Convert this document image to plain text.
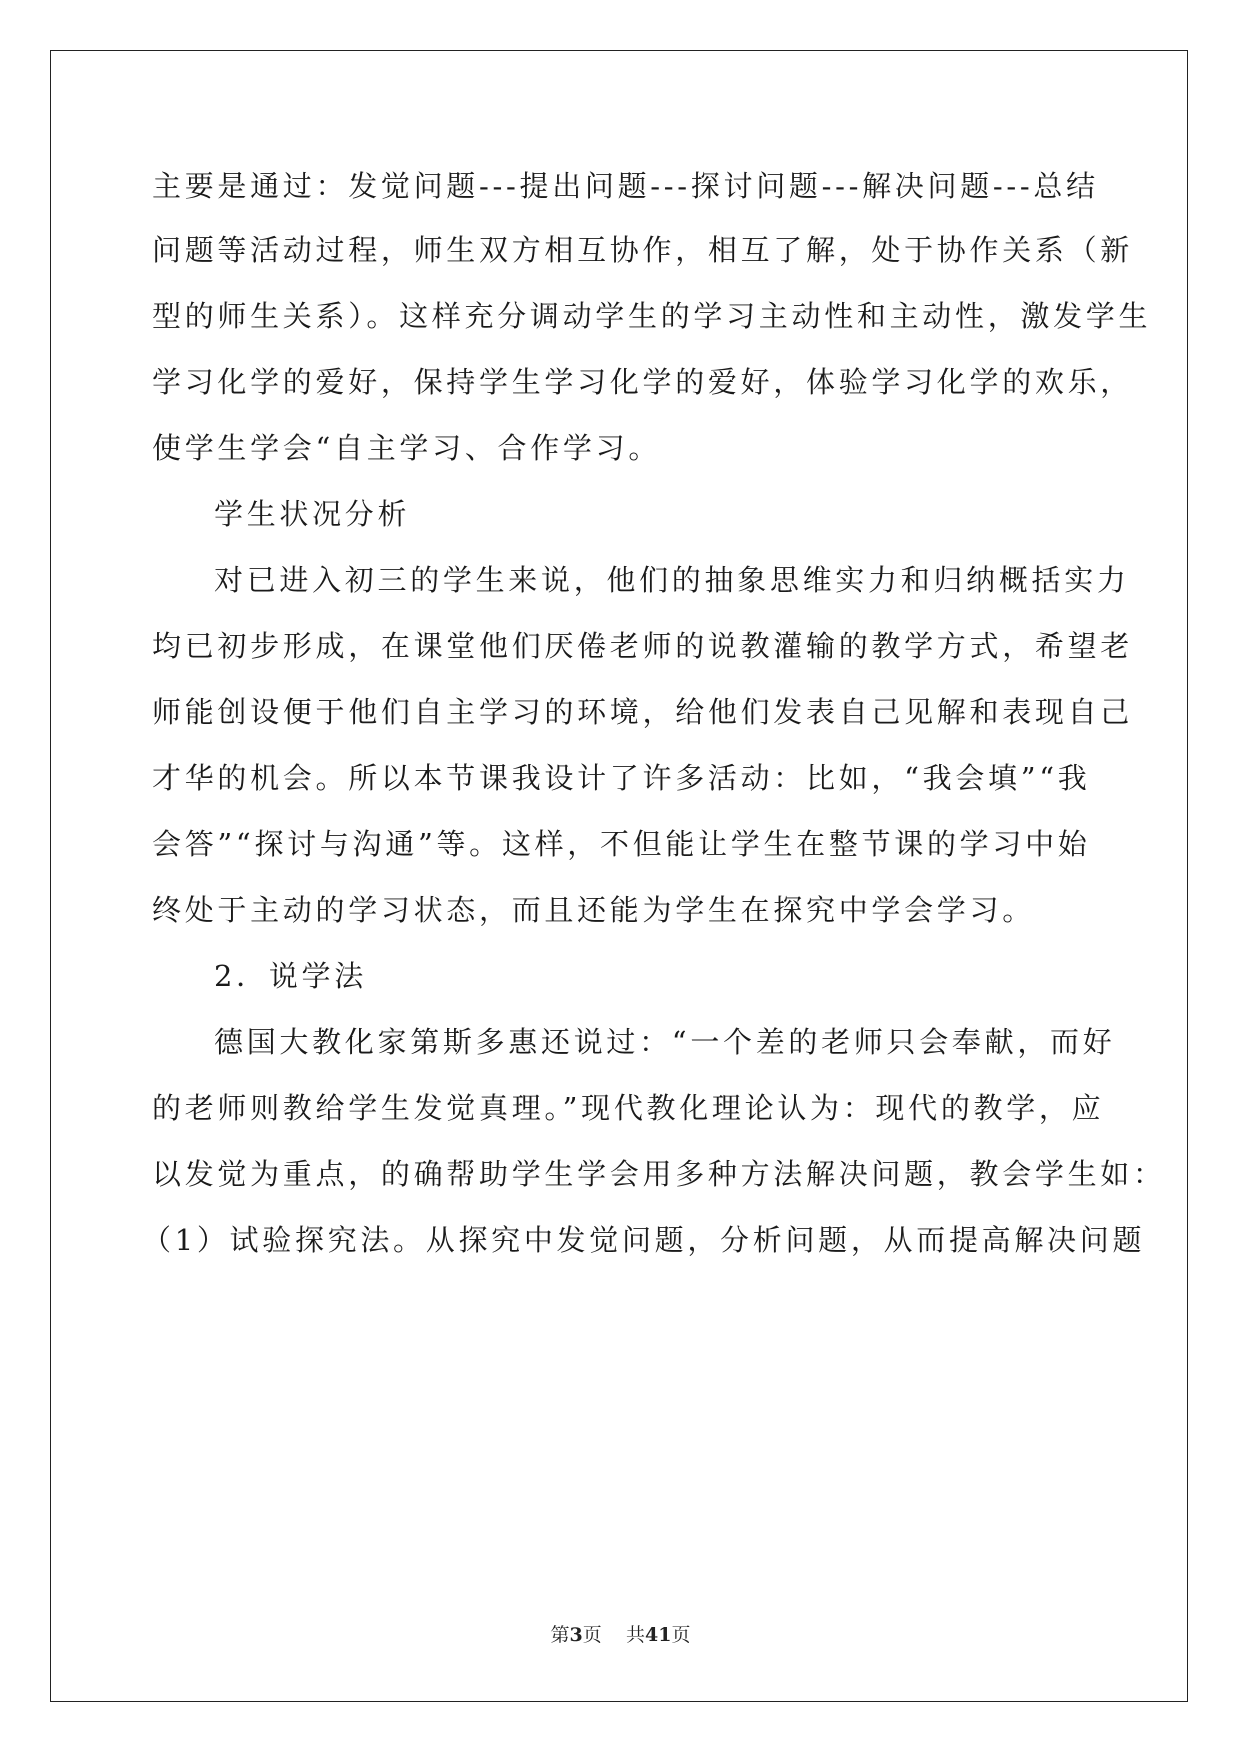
主要是通过：发觉问题---提出问题---探讨问题---解决问题---总结
问题等活动过程，师生双方相互协作，相互了解，处于协作关系（新
型的师生关系）。这样充分调动学生的学习主动性和主动性，激发学生
学习化学的爱好，保持学生学习化学的爱好，体验学习化学的欢乐，
使学生学会“自主学习、合作学习。
学生状况分析
对已进入初三的学生来说，他们的抽象思维实力和归纳概括实力
均已初步形成，在课堂他们厌倦老师的说教灌输的教学方式，希望老
师能创设便于他们自主学习的环境，给他们发表自己见解和表现自己
才华的机会。所以本节课我设计了许多活动：比如，“我会填”“我
会答”“探讨与沟通”等。这样，不但能让学生在整节课的学习中始
终处于主动的学习状态，而且还能为学生在探究中学会学习。
2．说学法
德国大教化家第斯多惠还说过：“一个差的老师只会奉献，而好
的老师则教给学生发觉真理。”现代教化理论认为：现代的教学，应
以发觉为重点，的确帮助学生学会用多种方法解决问题，教会学生如：
（1）试验探究法。从探究中发觉问题，分析问题，从而提高解决问题
第3页 共41页
